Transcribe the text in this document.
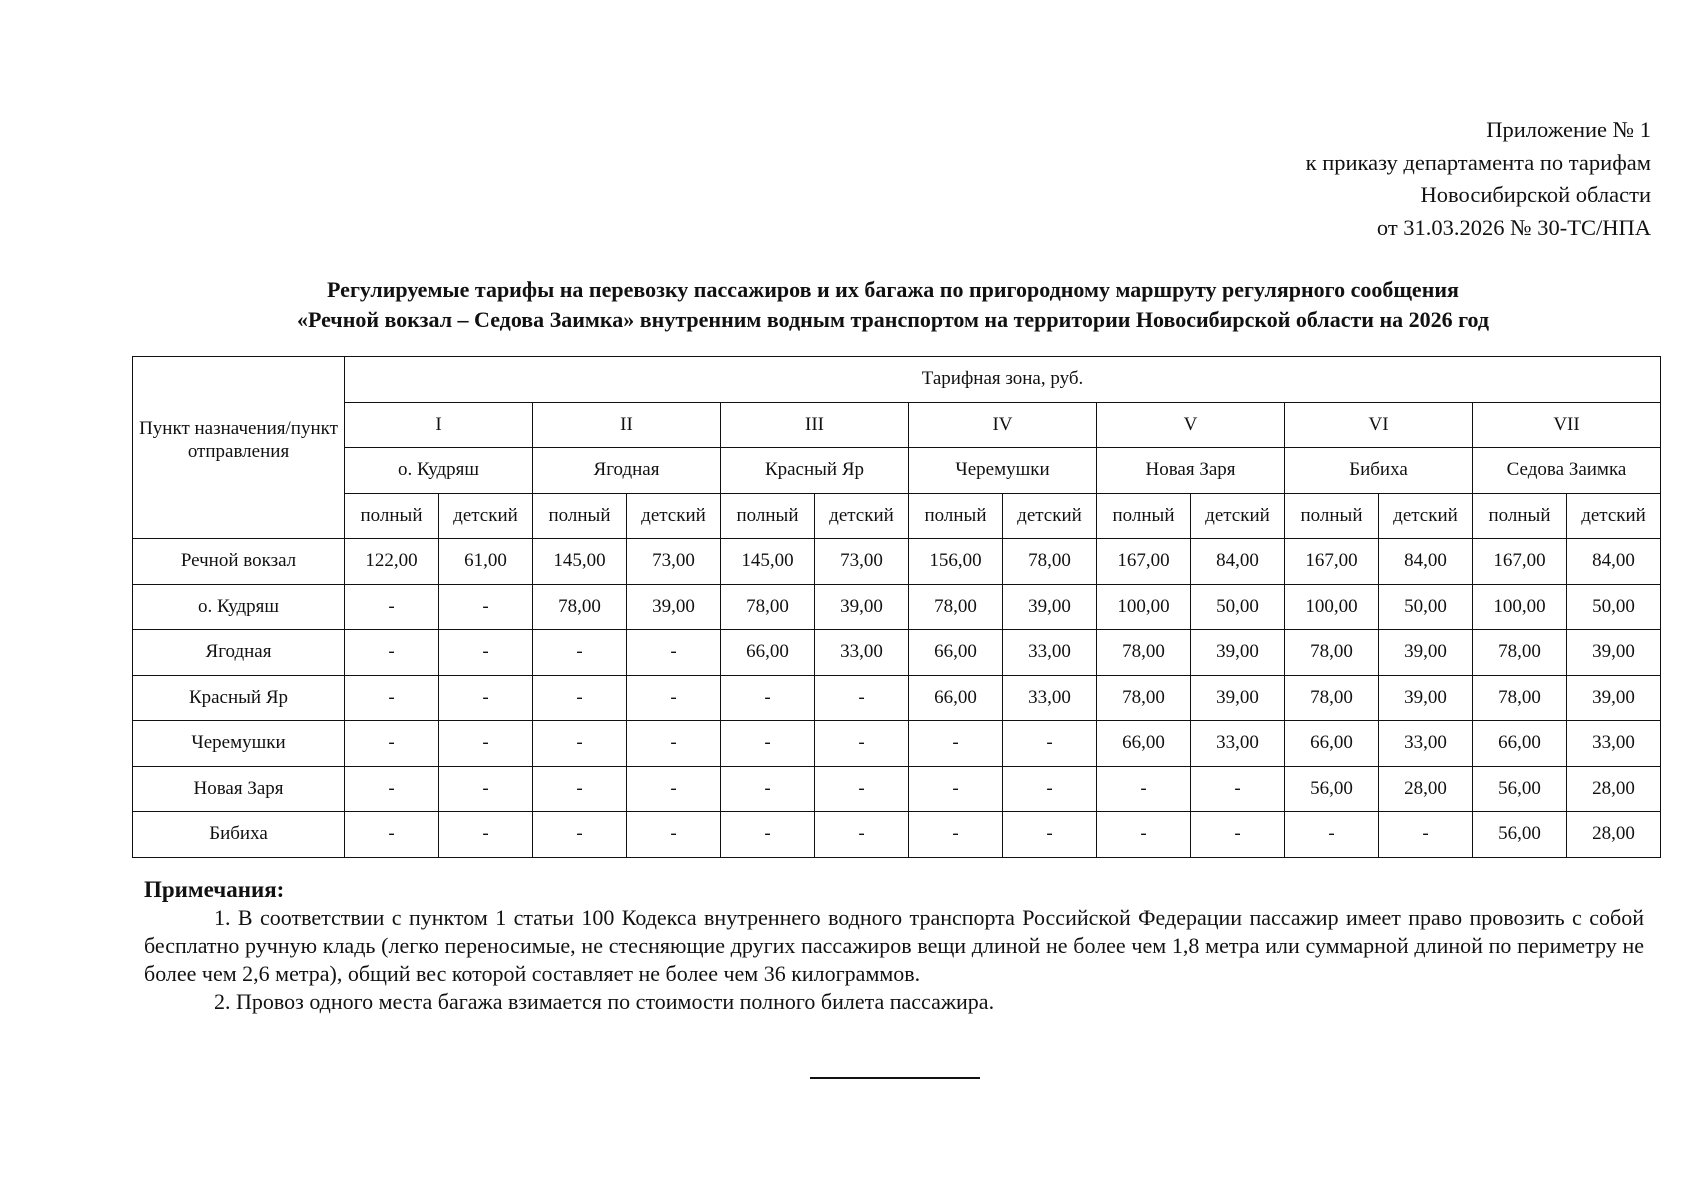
Приложение № 1
к приказу департамента по тарифам
Новосибирской области
от 31.03.2026 № 30-ТС/НПА
Регулируемые тарифы на перевозку пассажиров и их багажа по пригородному маршруту регулярного сообщения
«Речной вокзал – Седова Заимка» внутренним водным транспортом на территории Новосибирской области на 2026 год
Пункт назначения/пункт отправления	Тарифная зона, руб.													
	I		II		III		IV		V		VI		VII	
	о. Кудряш		Ягодная		Красный Яр		Черемушки		Новая Заря		Бибиха		Седова Заимка	
	полный	детский	полный	детский	полный	детский	полный	детский	полный	детский	полный	детский	полный	детский
Речной вокзал	122,00	61,00	145,00	73,00	145,00	73,00	156,00	78,00	167,00	84,00	167,00	84,00	167,00	84,00
о. Кудряш	-	-	78,00	39,00	78,00	39,00	78,00	39,00	100,00	50,00	100,00	50,00	100,00	50,00
Ягодная	-	-	-	-	66,00	33,00	66,00	33,00	78,00	39,00	78,00	39,00	78,00	39,00
Красный Яр	-	-	-	-	-	-	66,00	33,00	78,00	39,00	78,00	39,00	78,00	39,00
Черемушки	-	-	-	-	-	-	-	-	66,00	33,00	66,00	33,00	66,00	33,00
Новая Заря	-	-	-	-	-	-	-	-	-	-	56,00	28,00	56,00	28,00
Бибиха	-	-	-	-	-	-	-	-	-	-	-	-	56,00	28,00
Примечания:

1. В соответствии с пунктом 1 статьи 100 Кодекса внутреннего водного транспорта Российской Федерации пассажир имеет право провозить с собой бесплатно ручную кладь (легко переносимые, не стесняющие других пассажиров вещи длиной не более чем 1,8 метра или суммарной длиной по периметру не более чем 2,6 метра), общий вес которой составляет не более чем 36 килограммов.

2. Провоз одного места багажа взимается по стоимости полного билета пассажира.
